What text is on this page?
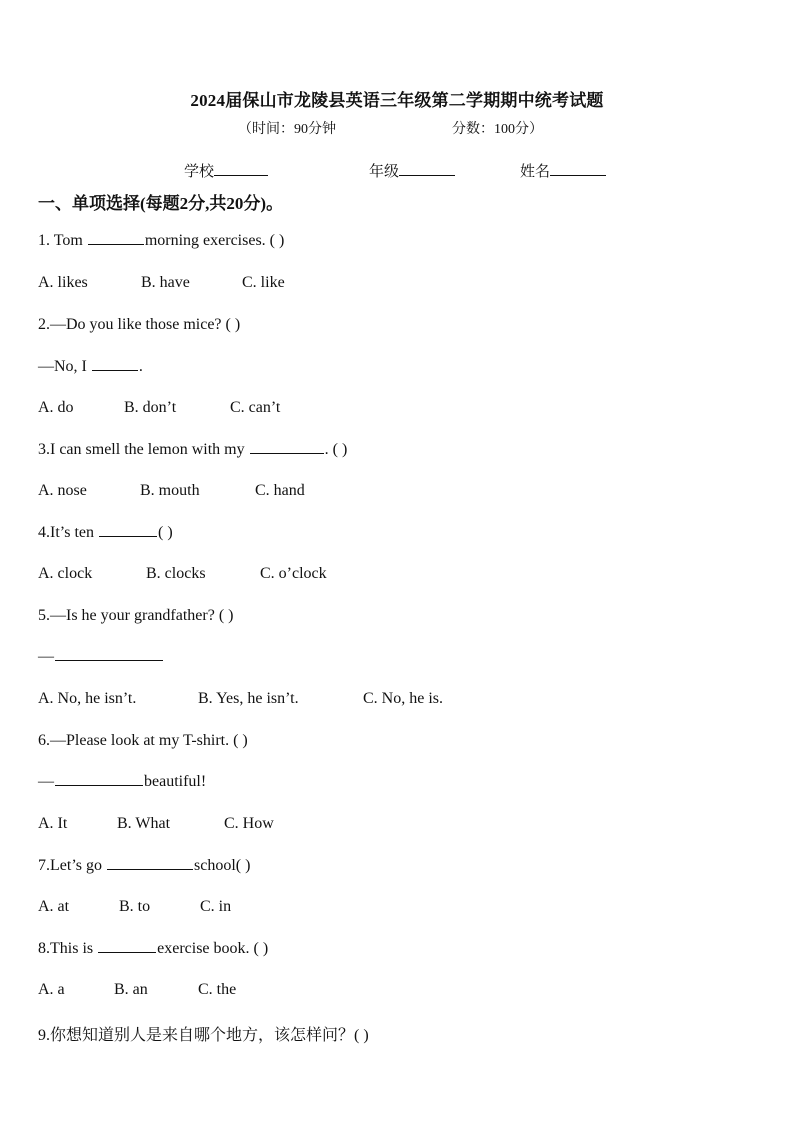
2024届保山市龙陵县英语三年级第二学期期中统考试题
（时间：90分钟	分数：100分）
学校	年级	姓名
一、单项选择(每题2分,共20分)。
1. Tom	morning exercises. ( )
A. likes	B. have	C. like
2.—Do you like those mice? ( )
—No, I	.
A. do	B. don’t	C. can’t
3.I can smell the lemon with my	. ( )
A. nose	B. mouth	C. hand
4.It’s ten	( )
A. clock	B. clocks	C. o’clock
5.—Is he your grandfather? ( )
—
A. No, he isn’t.	B. Yes, he isn’t.	C. No, he is.
6.—Please look at my T-shirt. ( )
—	beautiful!
A. It	B. What	C. How
7.Let’s go	school( )
A. at	B. to	C. in
8.This is	exercise book. ( )
A. a	B. an	C. the
9.你想知道别人是来自哪个地方，该怎样问？( )
